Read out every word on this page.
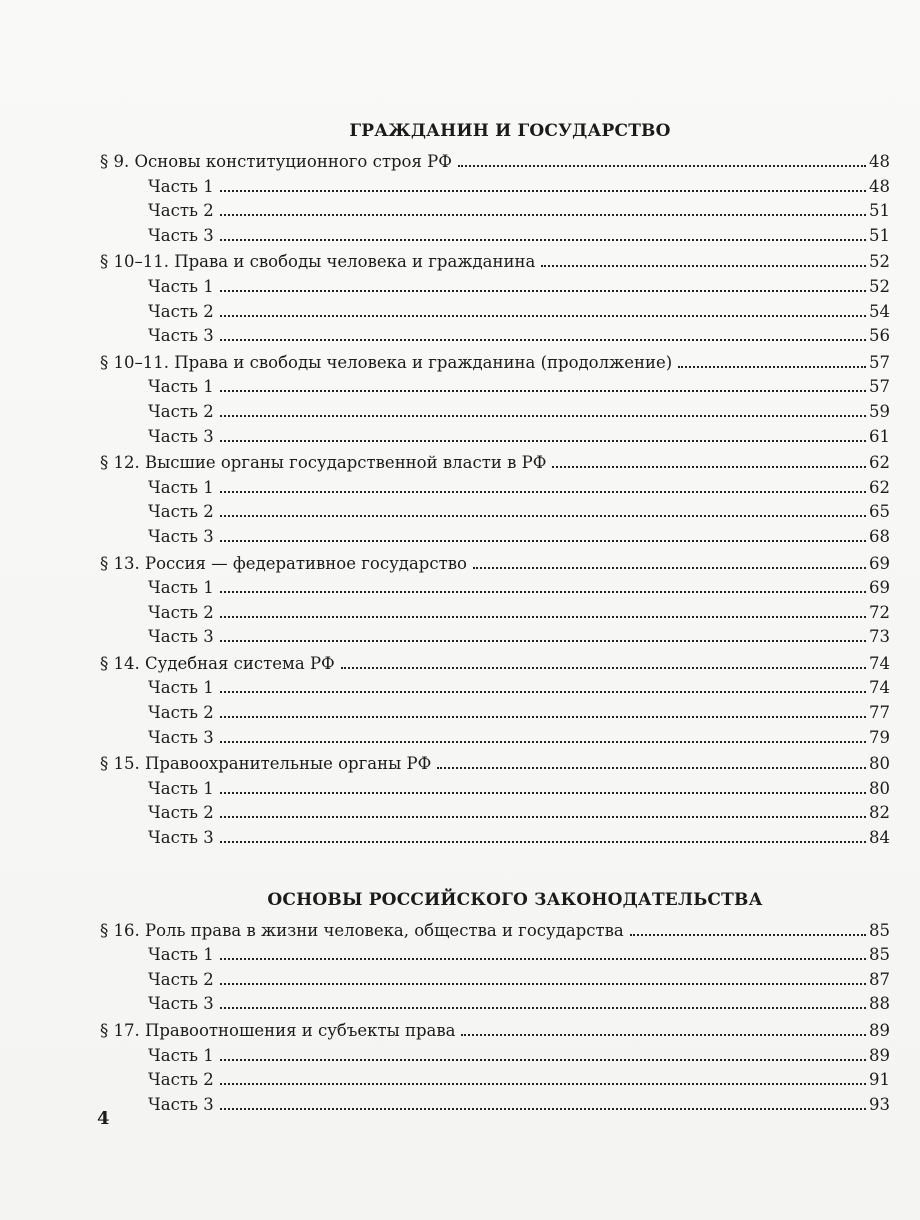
ГРАЖДАНИН И ГОСУДАРСТВО
§ 9. Основы конституционного строя РФ	48
Часть 1	48
Часть 2	51
Часть 3	51
§ 10–11. Права и свободы человека и гражданина	52
Часть 1	52
Часть 2	54
Часть 3	56
§ 10–11. Права и свободы человека и гражданина (продолжение)	57
Часть 1	57
Часть 2	59
Часть 3	61
§ 12. Высшие органы государственной власти в РФ	62
Часть 1	62
Часть 2	65
Часть 3	68
§ 13. Россия — федеративное государство	69
Часть 1	69
Часть 2	72
Часть 3	73
§ 14. Судебная система РФ	74
Часть 1	74
Часть 2	77
Часть 3	79
§ 15. Правоохранительные органы РФ	80
Часть 1	80
Часть 2	82
Часть 3	84
ОСНОВЫ РОССИЙСКОГО ЗАКОНОДАТЕЛЬСТВА
§ 16. Роль права в жизни человека, общества и государства	85
Часть 1	85
Часть 2	87
Часть 3	88
§ 17. Правоотношения и субъекты права	89
Часть 1	89
Часть 2	91
Часть 3	93
4
